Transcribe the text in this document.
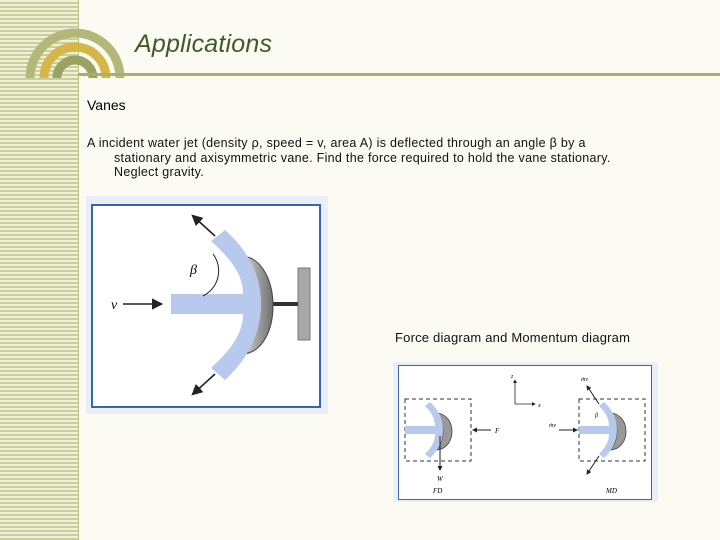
Applications
Vanes
A incident water jet (density ρ, speed = v, area A) is deflected through an angle β by a
stationary and axisymmetric vane. Find the force required to hold the vane stationary.
Neglect gravity.
v
β
Force diagram and Momentum diagram
F
W
FD
z
x
ṁv
ṁv
β
MD
